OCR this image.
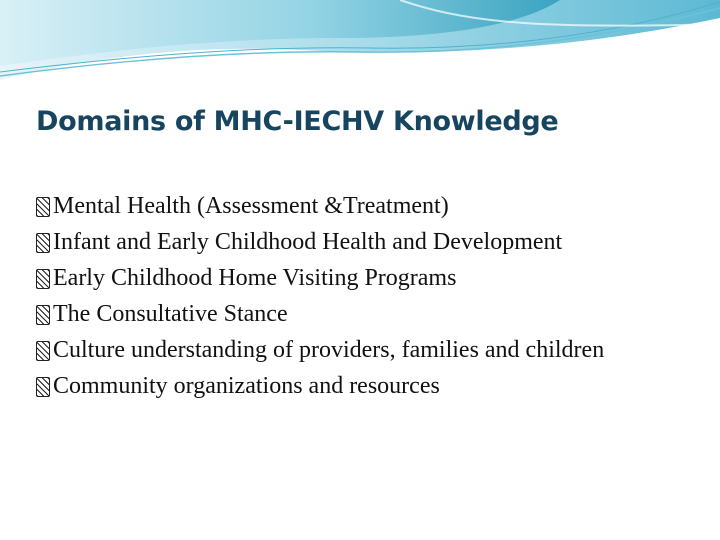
Domains of MHC-IECHV Knowledge
Mental Health (Assessment &Treatment)
Infant and Early Childhood Health and Development
Early Childhood Home Visiting Programs
The Consultative Stance
Culture understanding of providers, families and children
Community organizations and resources
